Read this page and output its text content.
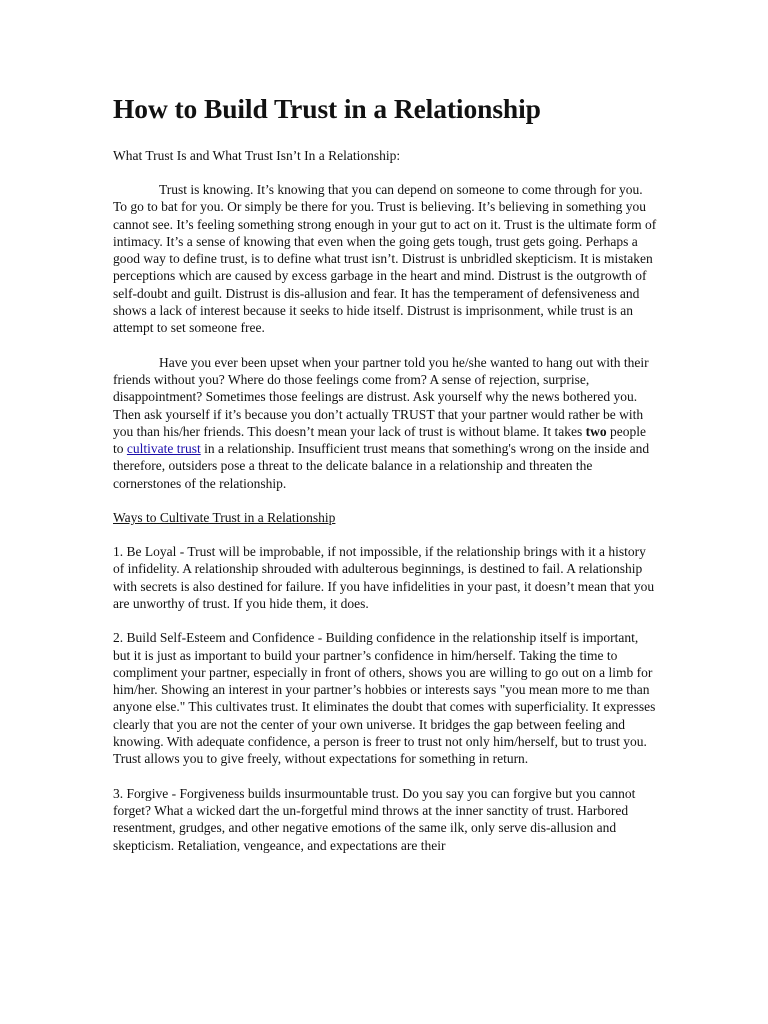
How to Build Trust in a Relationship
What Trust Is and What Trust Isn’t In a Relationship:

Trust is knowing. It’s knowing that you can depend on someone to come through for you. To go to bat for you. Or simply be there for you. Trust is believing. It’s believing in something you cannot see. It’s feeling something strong enough in your gut to act on it. Trust is the ultimate form of intimacy. It’s a sense of knowing that even when the going gets tough, trust gets going. Perhaps a good way to define trust, is to define what trust isn’t. Distrust is unbridled skepticism. It is mistaken perceptions which are caused by excess garbage in the heart and mind. Distrust is the outgrowth of self-doubt and guilt. Distrust is dis-allusion and fear. It has the temperament of defensiveness and shows a lack of interest because it seeks to hide itself. Distrust is imprisonment, while trust is an attempt to set someone free.

Have you ever been upset when your partner told you he/she wanted to hang out with their friends without you? Where do those feelings come from? A sense of rejection, surprise, disappointment? Sometimes those feelings are distrust. Ask yourself why the news bothered you. Then ask yourself if it’s because you don’t actually TRUST that your partner would rather be with you than his/her friends. This doesn’t mean your lack of trust is without blame. It takes two people to cultivate trust in a relationship. Insufficient trust means that something's wrong on the inside and therefore, outsiders pose a threat to the delicate balance in a relationship and threaten the cornerstones of the relationship.

Ways to Cultivate Trust in a Relationship

1. Be Loyal - Trust will be improbable, if not impossible, if the relationship brings with it a history of infidelity. A relationship shrouded with adulterous beginnings, is destined to fail. A relationship with secrets is also destined for failure. If you have infidelities in your past, it doesn’t mean that you are unworthy of trust. If you hide them, it does.

2. Build Self-Esteem and Confidence - Building confidence in the relationship itself is important, but it is just as important to build your partner’s confidence in him/herself. Taking the time to compliment your partner, especially in front of others, shows you are willing to go out on a limb for him/her. Showing an interest in your partner’s hobbies or interests says "you mean more to me than anyone else." This cultivates trust. It eliminates the doubt that comes with superficiality. It expresses clearly that you are not the center of your own universe. It bridges the gap between feeling and knowing. With adequate confidence, a person is freer to trust not only him/herself, but to trust you. Trust allows you to give freely, without expectations for something in return.

3. Forgive - Forgiveness builds insurmountable trust. Do you say you can forgive but you cannot forget? What a wicked dart the un-forgetful mind throws at the inner sanctity of trust. Harbored resentment, grudges, and other negative emotions of the same ilk, only serve dis-allusion and skepticism. Retaliation, vengeance, and expectations are their
